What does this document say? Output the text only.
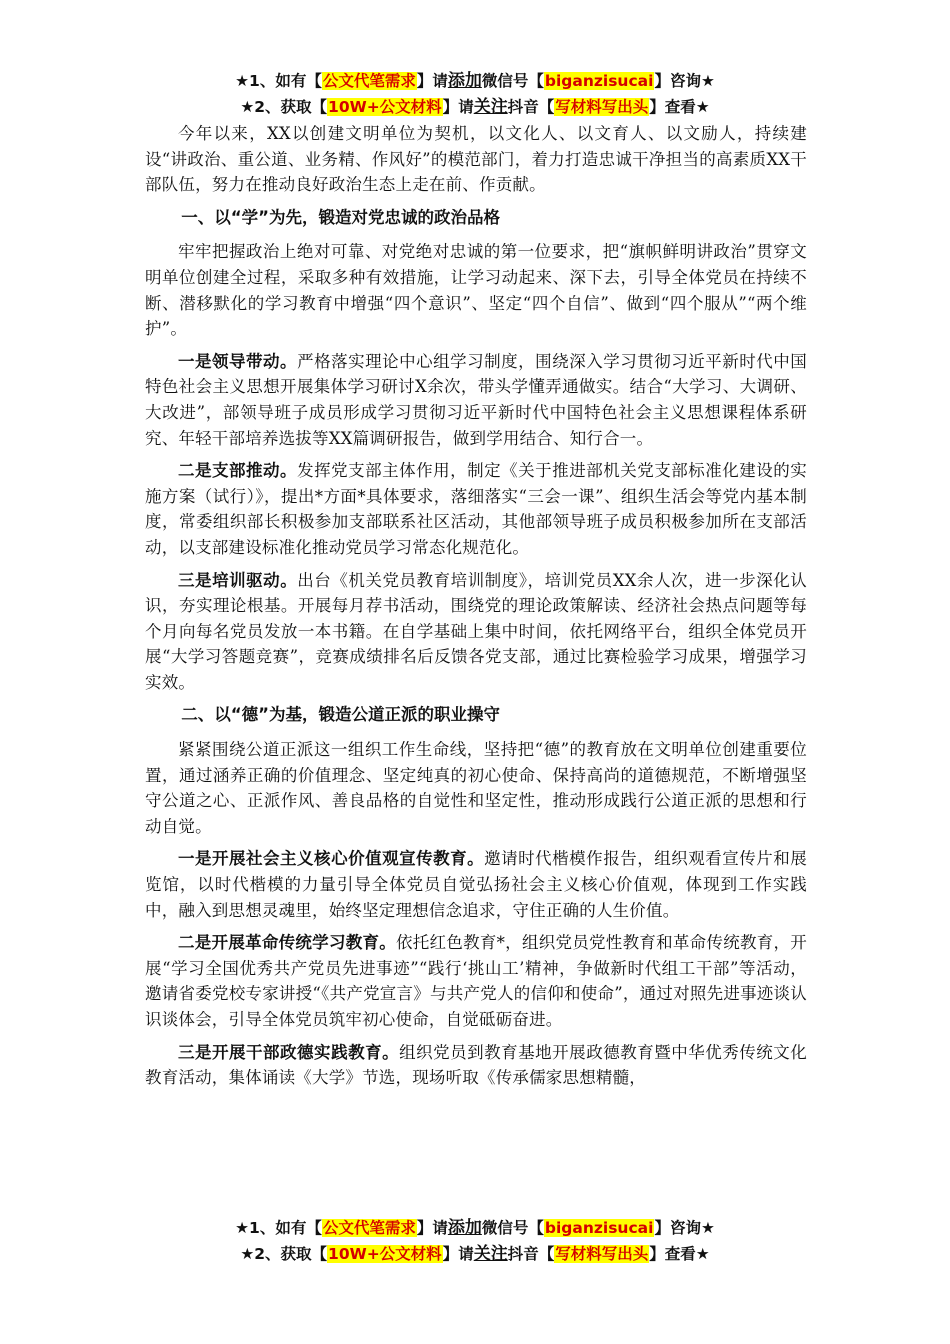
★1、如有【公文代笔需求】请添加微信号【biganzisucai】咨询★
★2、获取【10W+公文材料】请关注抖音【写材料写出头】查看★

今年以来，XX以创建文明单位为契机，以文化人、以文育人、以文励人，持续建设“讲政治、重公道、业务精、作风好”的模范部门，着力打造忠诚干净担当的高素质XX干部队伍，努力在推动良好政治生态上走在前、作贡献。

一、以“学”为先，锻造对党忠诚的政治品格

牢牢把握政治上绝对可靠、对党绝对忠诚的第一位要求，把“旗帜鲜明讲政治”贯穿文明单位创建全过程，采取多种有效措施，让学习动起来、深下去，引导全体党员在持续不断、潜移默化的学习教育中增强“四个意识”、坚定“四个自信”、做到“四个服从”“两个维护”。

一是领导带动。严格落实理论中心组学习制度，围绕深入学习贯彻习近平新时代中国特色社会主义思想开展集体学习研讨X余次，带头学懂弄通做实。结合“大学习、大调研、大改进”，部领导班子成员形成学习贯彻习近平新时代中国特色社会主义思想课程体系研究、年轻干部培养选拔等XX篇调研报告，做到学用结合、知行合一。

二是支部推动。发挥党支部主体作用，制定《关于推进部机关党支部标准化建设的实施方案（试行）》，提出*方面*具体要求，落细落实“三会一课”、组织生活会等党内基本制度，常委组织部长积极参加支部联系社区活动，其他部领导班子成员积极参加所在支部活动，以支部建设标准化推动党员学习常态化规范化。

三是培训驱动。出台《机关党员教育培训制度》，培训党员XX余人次，进一步深化认识，夯实理论根基。开展每月荐书活动，围绕党的理论政策解读、经济社会热点问题等每个月向每名党员发放一本书籍。在自学基础上集中时间，依托网络平台，组织全体党员开展“大学习答题竞赛”，竞赛成绩排名后反馈各党支部，通过比赛检验学习成果，增强学习实效。

二、以“德”为基，锻造公道正派的职业操守

紧紧围绕公道正派这一组织工作生命线，坚持把“德”的教育放在文明单位创建重要位置，通过涵养正确的价值理念、坚定纯真的初心使命、保持高尚的道德规范，不断增强坚守公道之心、正派作风、善良品格的自觉性和坚定性，推动形成践行公道正派的思想和行动自觉。

一是开展社会主义核心价值观宣传教育。邀请时代楷模作报告，组织观看宣传片和展览馆，以时代楷模的力量引导全体党员自觉弘扬社会主义核心价值观，体现到工作实践中，融入到思想灵魂里，始终坚定理想信念追求，守住正确的人生价值。

二是开展革命传统学习教育。依托红色教育*，组织党员党性教育和革命传统教育，开展“学习全国优秀共产党员先进事迹”“践行‘挑山工’精神，争做新时代组工干部”等活动，邀请省委党校专家讲授“《共产党宣言》与共产党人的信仰和使命”，通过对照先进事迹谈认识谈体会，引导全体党员筑牢初心使命，自觉砥砺奋进。

三是开展干部政德实践教育。组织党员到教育基地开展政德教育暨中华优秀传统文化教育活动，集体诵读《大学》节选，现场听取《传承儒家思想精髓，

★1、如有【公文代笔需求】请添加微信号【biganzisucai】咨询★
★2、获取【10W+公文材料】请关注抖音【写材料写出头】查看★
